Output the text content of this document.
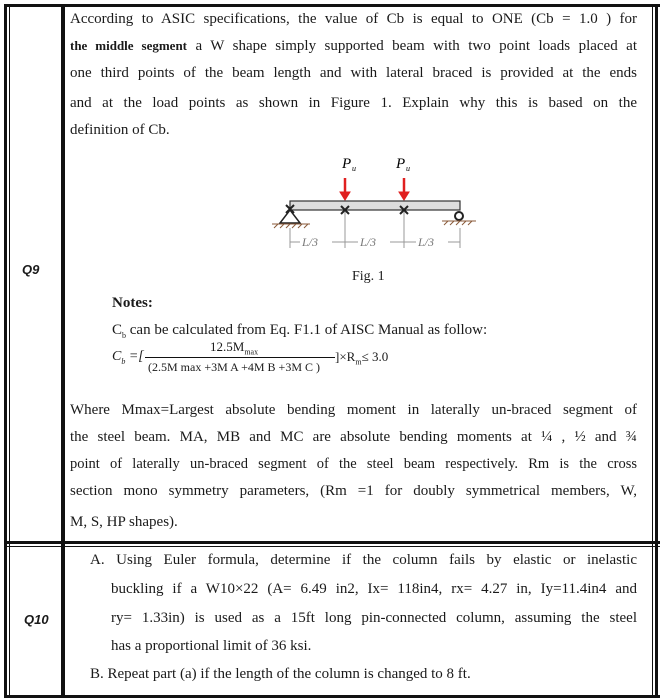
Q9
According to ASIC specifications, the value of Cb is equal to ONE (Cb = 1.0 ) for
the middle segment a W shape simply supported beam with two point loads placed at
one third points of the beam length and with lateral braced is provided at the ends
and at the load points as shown in Figure 1. Explain why this is based on the
definition of Cb.
P u	P u
L/3	L/3	L/3
Fig. 1
Notes:
$C_b$ can be calculated from Eq. F1.1 of AISC Manual as follow:
$C_b$ =[
$12.5M_{max}$
(2.5M max +3M A +4M B +3M C )
]$\times R_m\le 3.0$
Where Mmax=Largest absolute bending moment in laterally un-braced segment of
the steel beam. MA, MB and MC are absolute bending moments at ¼ , ½ and ¾
point of laterally un-braced segment of the steel beam respectively. Rm is the cross
section mono symmetry parameters, (Rm =1 for doubly symmetrical members, W,
M, S, HP shapes).
Q10
A. Using Euler formula, determine if the column fails by elastic or inelastic
buckling if a W10×22 (A= 6.49 in2, Ix= 118in4, rx= 4.27 in, Iy=11.4in4 and
ry= 1.33in) is used as a 15ft long pin-connected column, assuming the steel
has a proportional limit of 36 ksi.
B. Repeat part (a) if the length of the column is changed to 8 ft.
